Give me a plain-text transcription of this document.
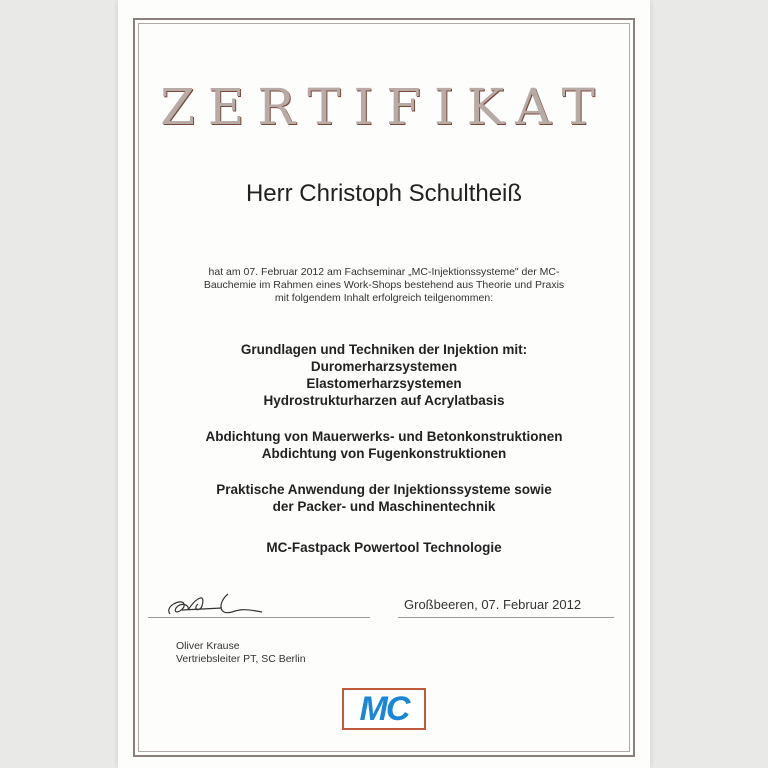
ZERTIFIKAT
Herr Christoph Schultheiß
hat am 07. Februar 2012 am Fachseminar „MC-Injektionssysteme" der MC-
Bauchemie im Rahmen eines Work-Shops bestehend aus Theorie und Praxis
mit folgendem Inhalt erfolgreich teilgenommen:
Grundlagen und Techniken der Injektion mit:
Duromerharzsystemen
Elastomerharzsystemen
Hydrostrukturharzen auf Acrylatbasis
Abdichtung von Mauerwerks- und Betonkonstruktionen
Abdichtung von Fugenkonstruktionen
Praktische Anwendung der Injektionssysteme sowie
der Packer- und Maschinentechnik
MC-Fastpack Powertool Technologie
Großbeeren, 07. Februar 2012
Oliver Krause
Vertriebsleiter PT, SC Berlin
MC
